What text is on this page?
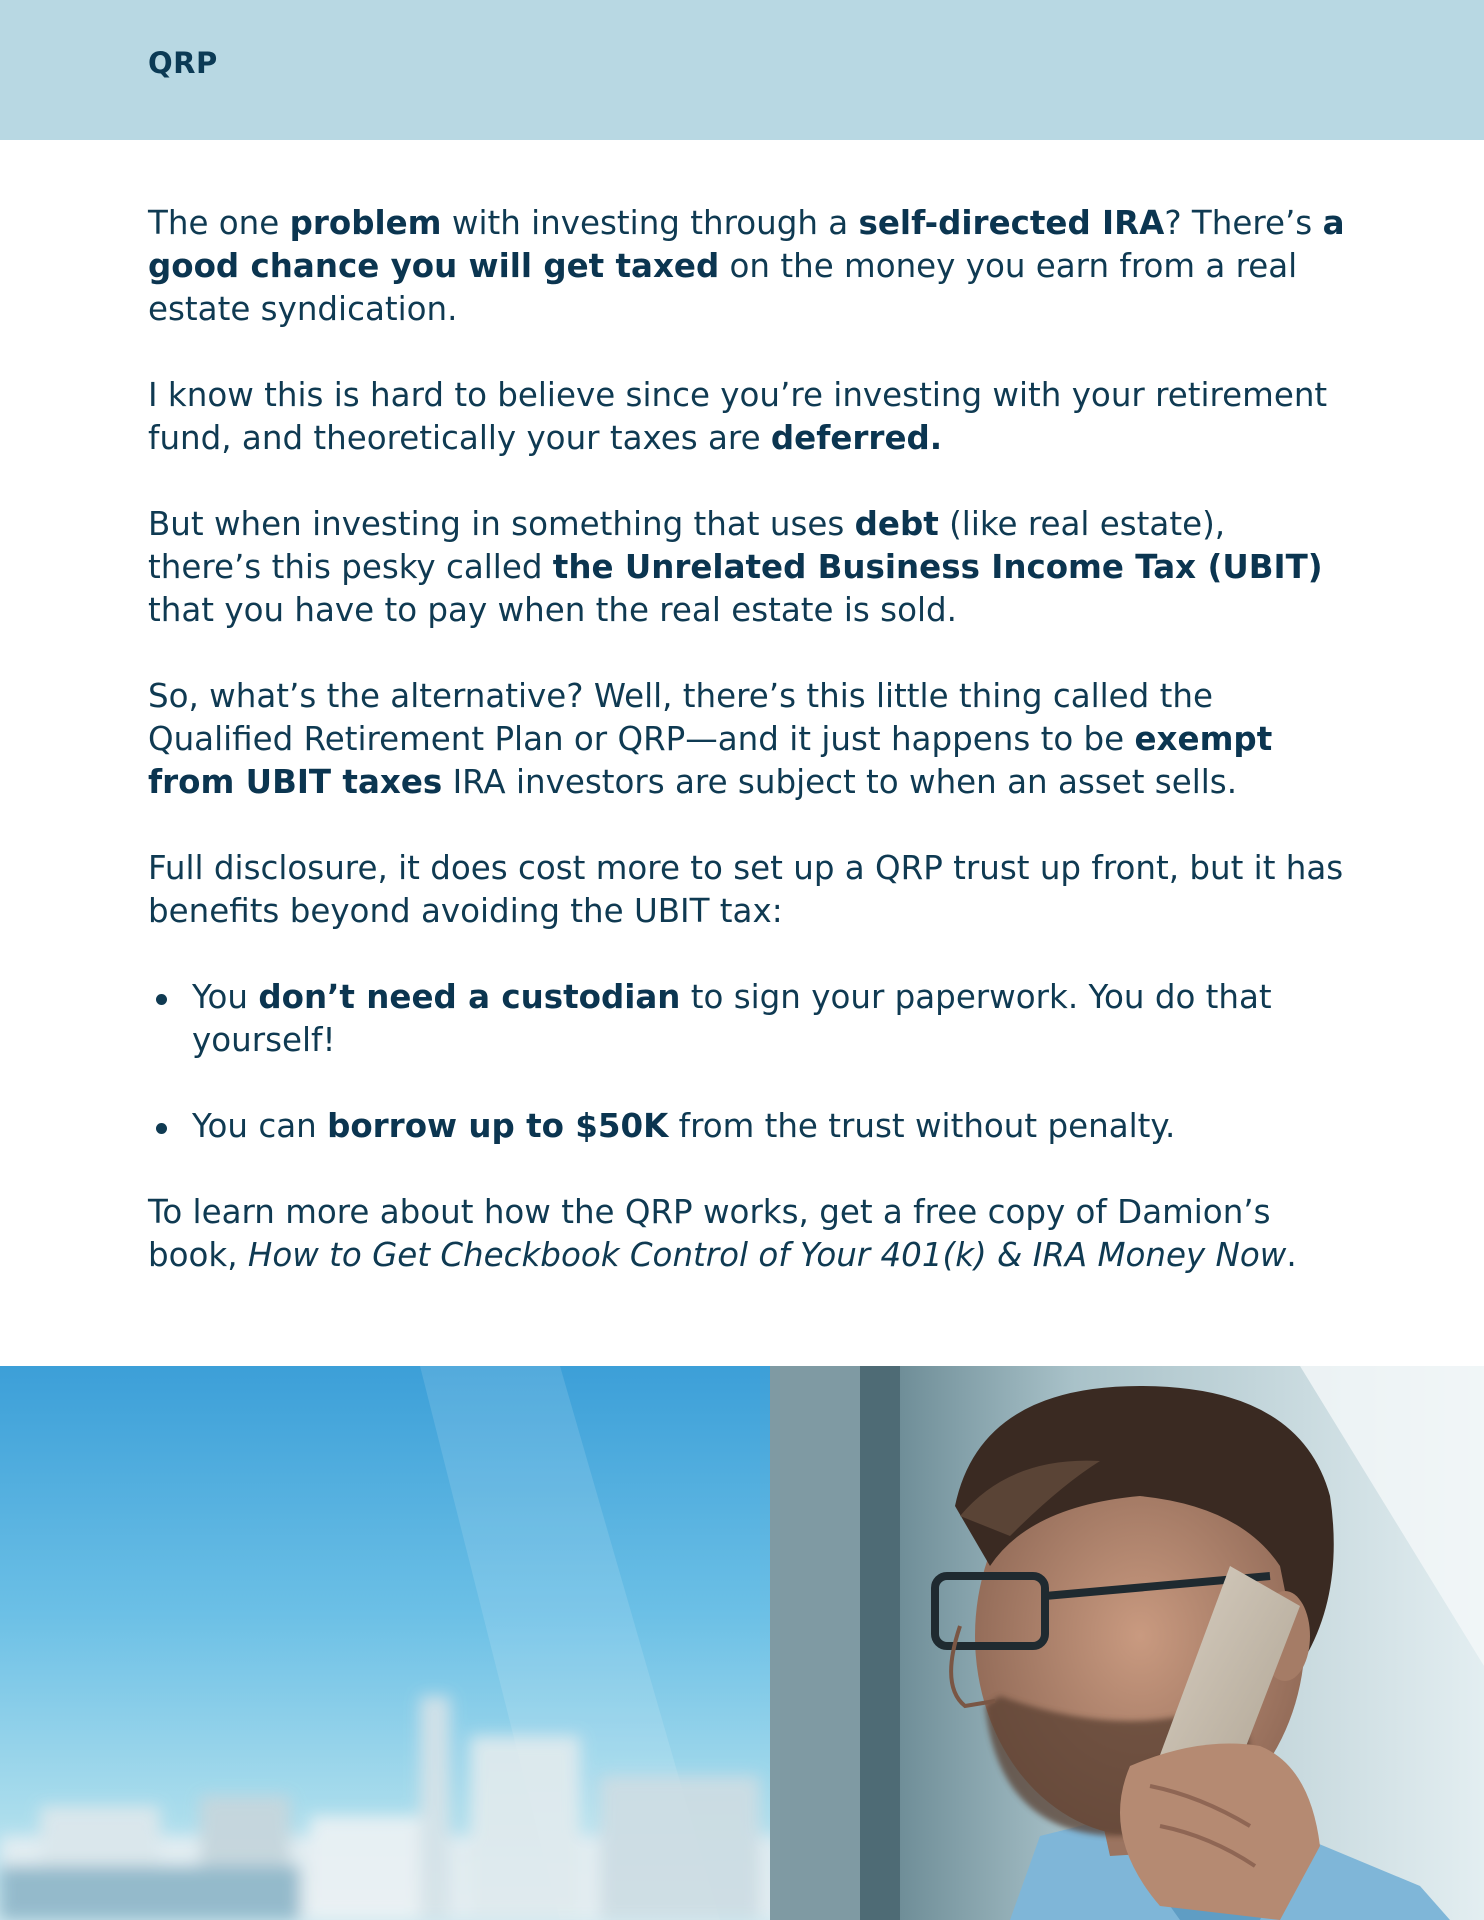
QRP

The one problem with investing through a self-directed IRA? There’s a good chance you will get taxed on the money you earn from a real estate syndication.

I know this is hard to believe since you’re investing with your retirement fund, and theoretically your taxes are deferred.

But when investing in something that uses debt (like real estate), there’s this pesky called the Unrelated Business Income Tax (UBIT) that you have to pay when the real estate is sold.

So, what’s the alternative? Well, there’s this little thing called the Qualified Retirement Plan or QRP—and it just happens to be exempt from UBIT taxes IRA investors are subject to when an asset sells.

Full disclosure, it does cost more to set up a QRP trust up front, but it has benefits beyond avoiding the UBIT tax:

You don’t need a custodian to sign your paperwork. You do that yourself!
You can borrow up to $50K from the trust without penalty.

To learn more about how the QRP works, get a free copy of Damion’s book, How to Get Checkbook Control of Your 401(k) & IRA Money Now.
